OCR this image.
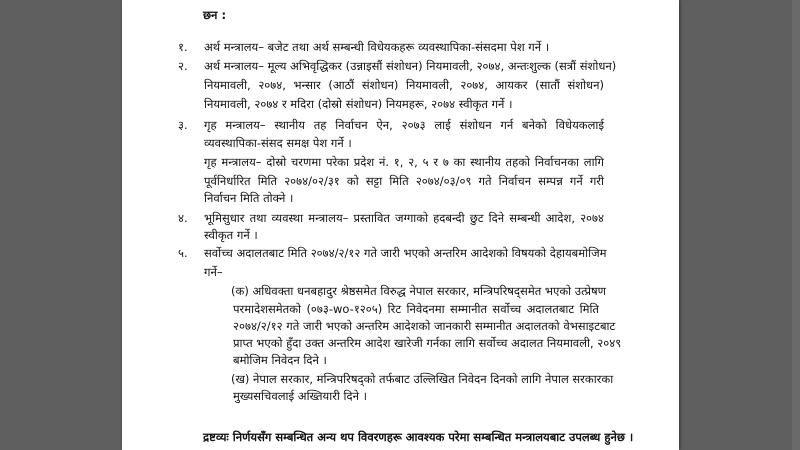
छन :
१. अर्थ मन्त्रालय– बजेट तथा अर्थ सम्बन्धी विधेयकहरू व्यवस्थापिका-संसदमा पेश गर्ने ।
२. अर्थ मन्त्रालय– मूल्य अभिवृद्धिकर (उन्नाइसौं संशोधन) नियमावली, २०७४, अन्तःशुल्क (सत्रौं संशोधन)
नियमावली, २०७४, भन्सार (आठौं संशोधन) नियमावली, २०७४, आयकर (सातौं संशोधन)
नियमावली, २०७४ र मदिरा (दोस्रो संशोधन) नियमहरू, २०७४ स्वीकृत गर्ने ।
३. गृह मन्त्रालय– स्थानीय तह निर्वाचन ऐन, २०७३ लाई संशोधन गर्न बनेको विधेयकलाई
व्यवस्थापिका-संसद समक्ष पेश गर्ने ।
गृह मन्त्रालय– दोस्रो चरणमा परेका प्रदेश नं. १, २, ५ र ७ का स्थानीय तहको निर्वाचनका लागि
पूर्वनिर्धारित मिति २०७४/०२/३१ को सट्टा मिति २०७४/०३/०९ गते निर्वाचन सम्पन्न गर्ने गरी
निर्वाचन मिति तोक्ने ।
४. भूमिसुधार तथा व्यवस्था मन्त्रालय– प्रस्तावित जग्गाको हदबन्दी छुट दिने सम्बन्धी आदेश, २०७४
स्वीकृत गर्ने ।
५. सर्वोच्च अदालतबाट मिति २०७४/२/१२ गते जारी भएको अन्तरिम आदेशको विषयको देहायबमोजिम
गर्ने–
(क) अधिवक्ता धनबहादुर श्रेष्ठसमेत विरुद्ध नेपाल सरकार, मन्त्रिपरिषद्समेत भएको उत्प्रेषण
परमादेशसमेतको (०७३-wo-१२०५) रिट निवेदनमा सम्मानीत सर्वोच्च अदालतबाट मिति
२०७४/२/१२ गते जारी भएको अन्तरिम आदेशको जानकारी सम्मानीत अदालतको वेभसाइटबाट
प्राप्त भएको हुँदा उक्त अन्तरिम आदेश खारेजी गर्नका लागि सर्वोच्च अदालत नियमावली, २०४९
बमोजिम निवेदन दिने ।
(ख) नेपाल सरकार, मन्त्रिपरिषद्को तर्फबाट उल्लिखित निवेदन दिनको लागि नेपाल सरकारका
मुख्यसचिवलाई अख्तियारी दिने ।
द्रष्टव्यः निर्णयसँग सम्बन्धित अन्य थप विवरणहरू आवश्यक परेमा सम्बन्धित मन्त्रालयबाट उपलब्ध हुनेछ ।
